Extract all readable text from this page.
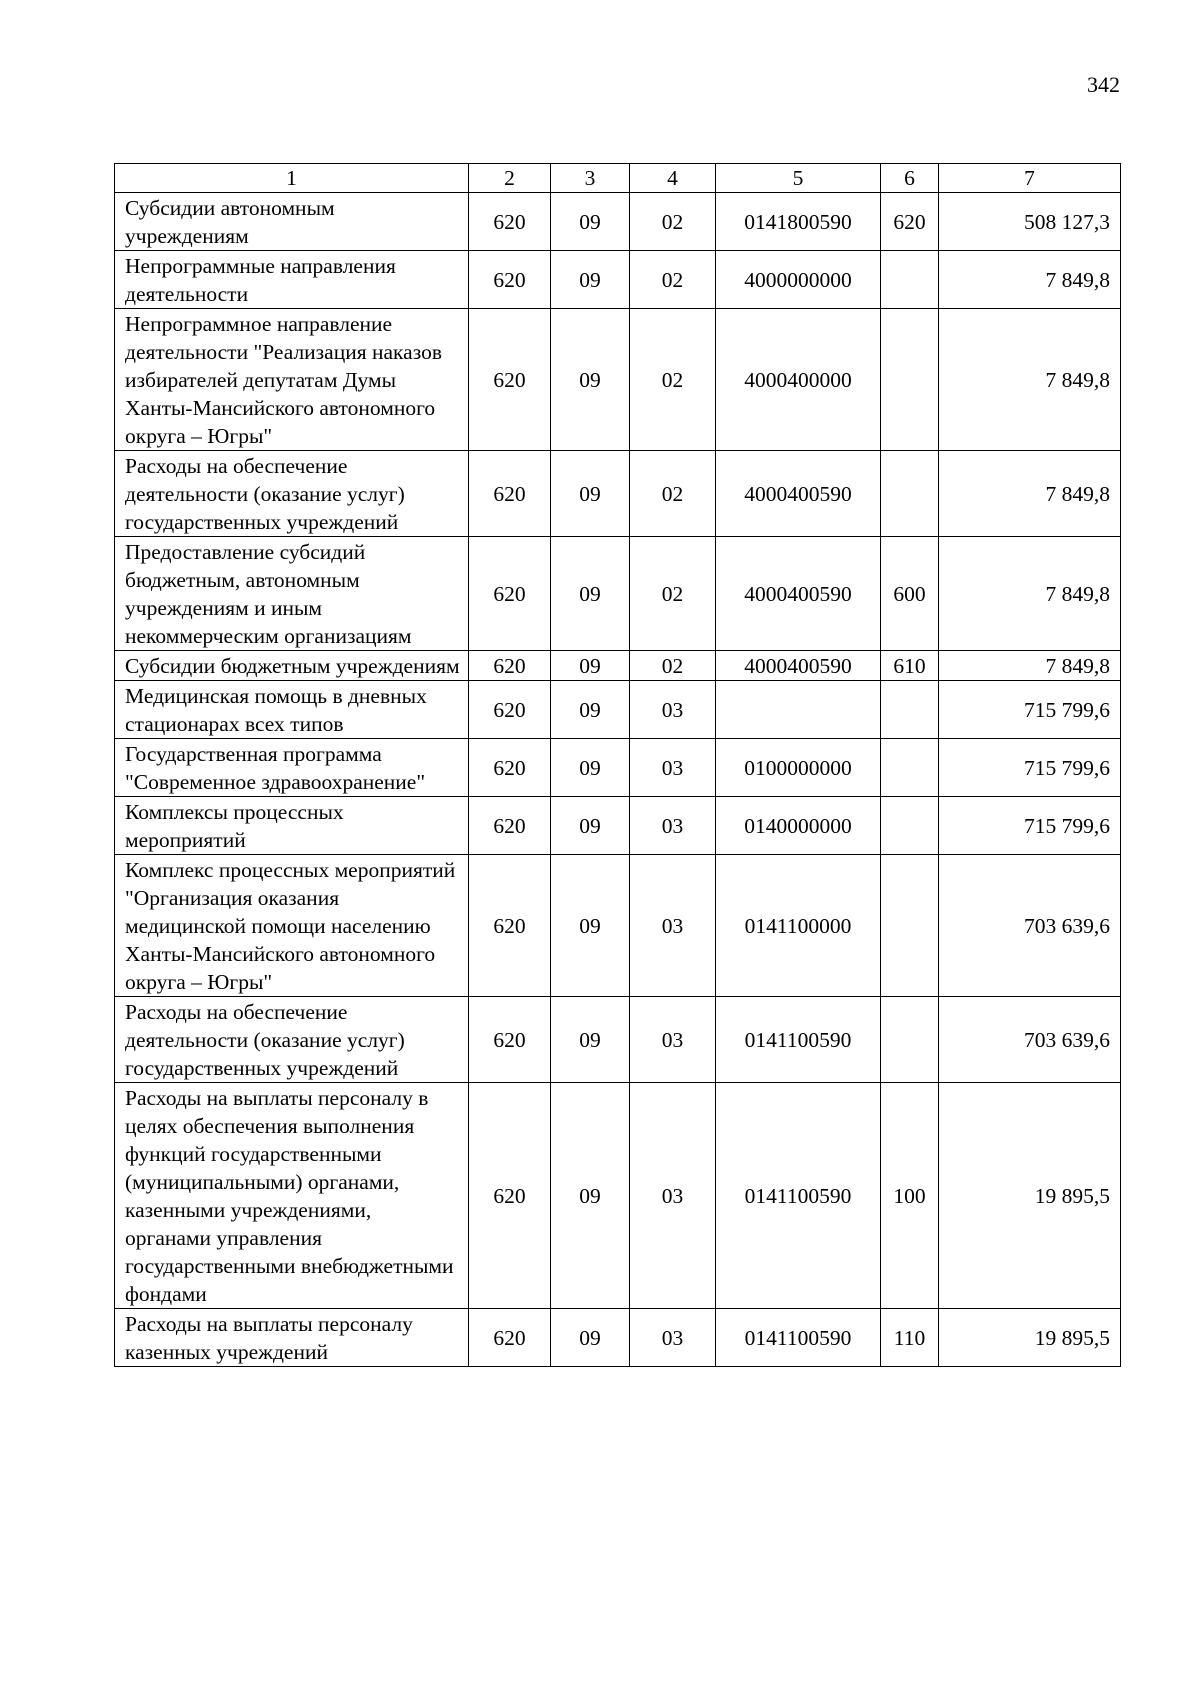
342
1	2	3	4	5	6	7
Субсидии автономным учреждениям	620	09	02	0141800590	620	508 127,3
Непрограммные направления деятельности	620	09	02	4000000000		7 849,8
Непрограммное направление деятельности "Реализация наказов избирателей депутатам Думы Ханты-Мансийского автономного округа – Югры"	620	09	02	4000400000		7 849,8
Расходы на обеспечение деятельности (оказание услуг) государственных учреждений	620	09	02	4000400590		7 849,8
Предоставление субсидий бюджетным, автономным учреждениям и иным некоммерческим организациям	620	09	02	4000400590	600	7 849,8
Субсидии бюджетным учреждениям	620	09	02	4000400590	610	7 849,8
Медицинская помощь в дневных стационарах всех типов	620	09	03			715 799,6
Государственная программа "Современное здравоохранение"	620	09	03	0100000000		715 799,6
Комплексы процессных мероприятий	620	09	03	0140000000		715 799,6
Комплекс процессных мероприятий "Организация оказания медицинской помощи населению Ханты-Мансийского автономного округа – Югры"	620	09	03	0141100000		703 639,6
Расходы на обеспечение деятельности (оказание услуг) государственных учреждений	620	09	03	0141100590		703 639,6
Расходы на выплаты персоналу в целях обеспечения выполнения функций государственными (муниципальными) органами, казенными учреждениями, органами управления государственными внебюджетными фондами	620	09	03	0141100590	100	19 895,5
Расходы на выплаты персоналу казенных учреждений	620	09	03	0141100590	110	19 895,5
